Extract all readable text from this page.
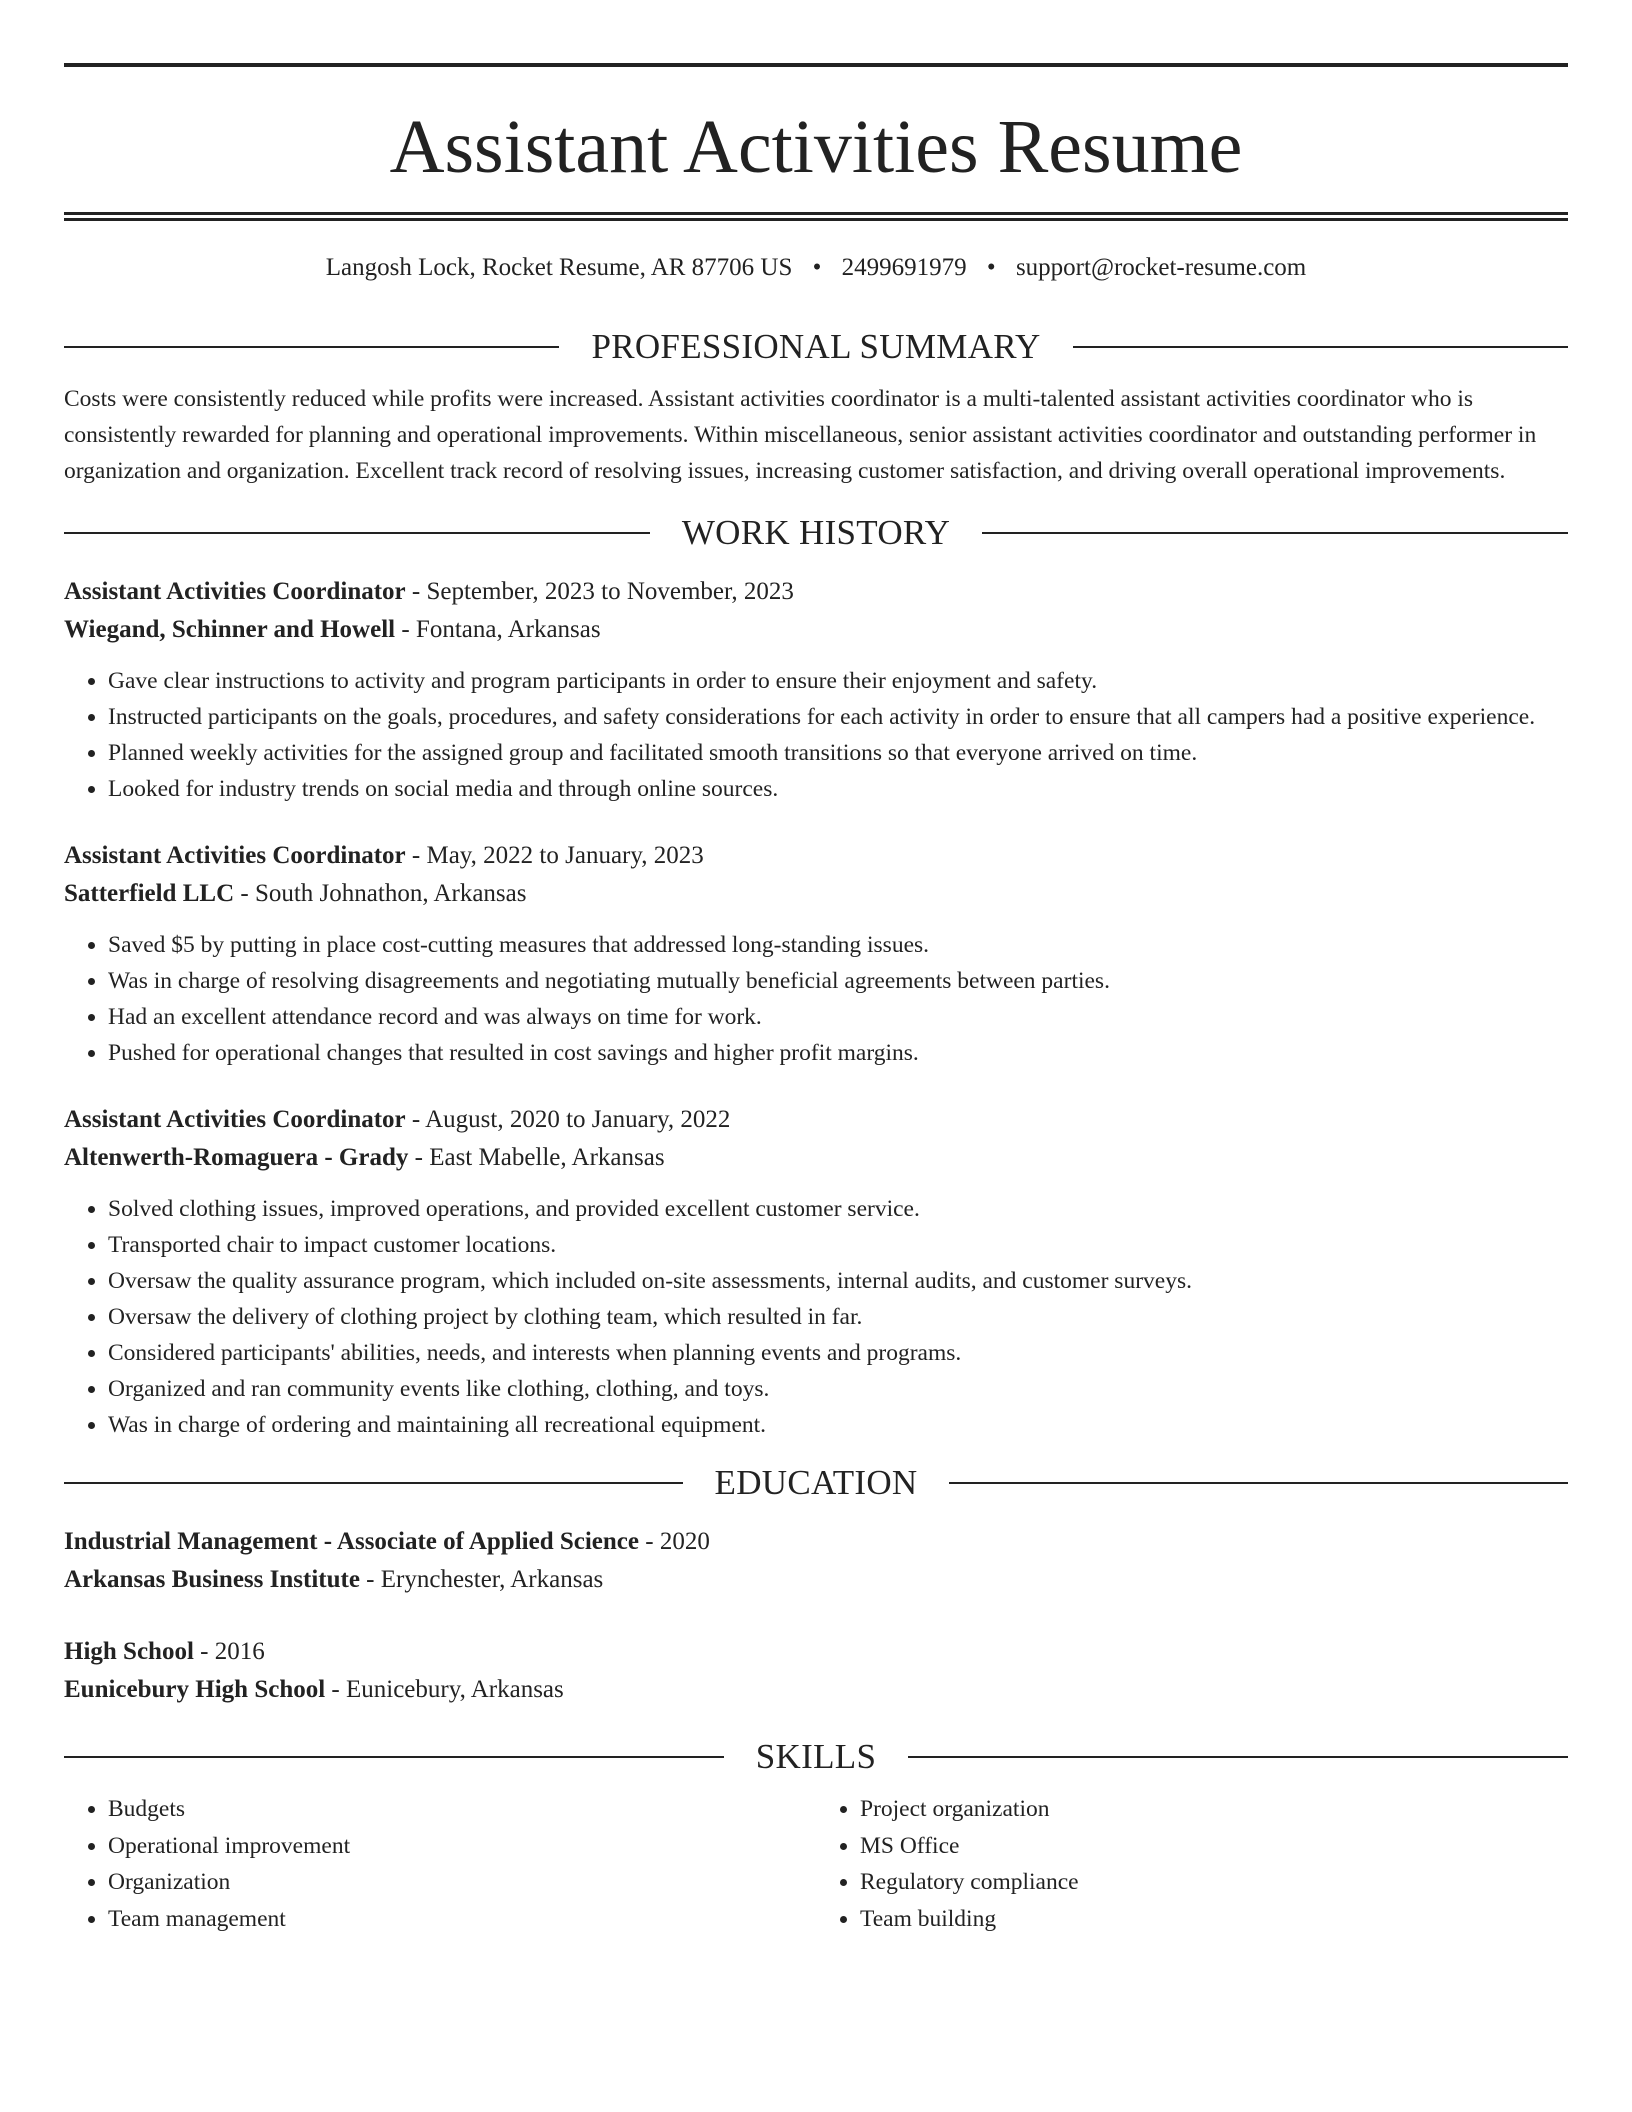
Assistant Activities Resume
Langosh Lock, Rocket Resume, AR 87706 US • 2499691979 • support@rocket-resume.com
PROFESSIONAL SUMMARY
Costs were consistently reduced while profits were increased. Assistant activities coordinator is a multi-talented assistant activities coordinator who is consistently rewarded for planning and operational improvements. Within miscellaneous, senior assistant activities coordinator and outstanding performer in organization and organization. Excellent track record of resolving issues, increasing customer satisfaction, and driving overall operational improvements.
WORK HISTORY
Assistant Activities Coordinator - September, 2023 to November, 2023
Wiegand, Schinner and Howell - Fontana, Arkansas
• Gave clear instructions to activity and program participants in order to ensure their enjoyment and safety.
• Instructed participants on the goals, procedures, and safety considerations for each activity in order to ensure that all campers had a positive experience.
• Planned weekly activities for the assigned group and facilitated smooth transitions so that everyone arrived on time.
• Looked for industry trends on social media and through online sources.
Assistant Activities Coordinator - May, 2022 to January, 2023
Satterfield LLC - South Johnathon, Arkansas
• Saved $5 by putting in place cost-cutting measures that addressed long-standing issues.
• Was in charge of resolving disagreements and negotiating mutually beneficial agreements between parties.
• Had an excellent attendance record and was always on time for work.
• Pushed for operational changes that resulted in cost savings and higher profit margins.
Assistant Activities Coordinator - August, 2020 to January, 2022
Altenwerth-Romaguera - Grady - East Mabelle, Arkansas
• Solved clothing issues, improved operations, and provided excellent customer service.
• Transported chair to impact customer locations.
• Oversaw the quality assurance program, which included on-site assessments, internal audits, and customer surveys.
• Oversaw the delivery of clothing project by clothing team, which resulted in far.
• Considered participants' abilities, needs, and interests when planning events and programs.
• Organized and ran community events like clothing, clothing, and toys.
• Was in charge of ordering and maintaining all recreational equipment.
EDUCATION
Industrial Management - Associate of Applied Science - 2020
Arkansas Business Institute - Erynchester, Arkansas
High School - 2016
Eunicebury High School - Eunicebury, Arkansas
SKILLS
• Budgets
• Operational improvement
• Organization
• Team management
• Project organization
• MS Office
• Regulatory compliance
• Team building
